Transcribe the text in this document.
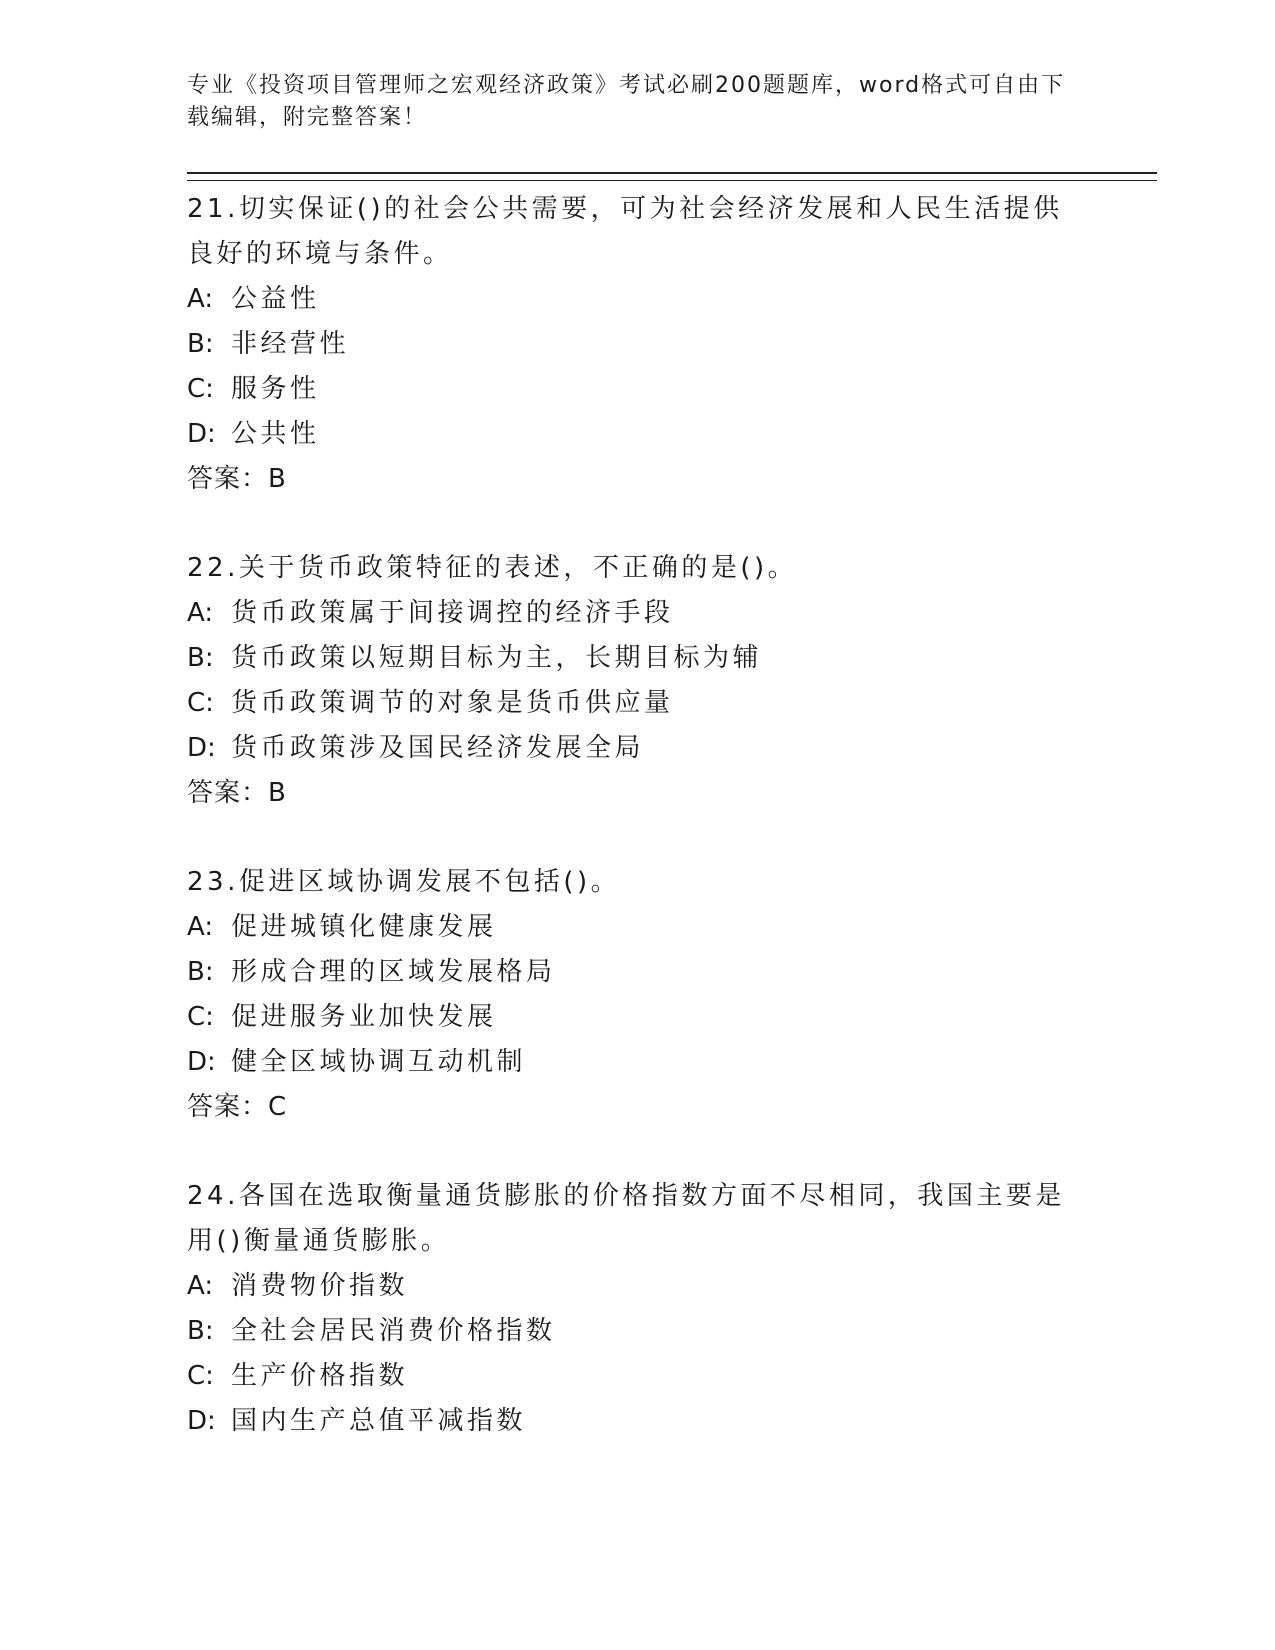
专业《投资项目管理师之宏观经济政策》考试必刷200题题库，word格式可自由下载编辑，附完整答案！

21.切实保证()的社会公共需要，可为社会经济发展和人民生活提供良好的环境与条件。

A: 公益性

B: 非经营性

C: 服务性

D: 公共性

答案：B

22.关于货币政策特征的表述，不正确的是()。

A: 货币政策属于间接调控的经济手段

B: 货币政策以短期目标为主，长期目标为辅

C: 货币政策调节的对象是货币供应量

D: 货币政策涉及国民经济发展全局

答案：B

23.促进区域协调发展不包括()。

A: 促进城镇化健康发展

B: 形成合理的区域发展格局

C: 促进服务业加快发展

D: 健全区域协调互动机制

答案：C

24.各国在选取衡量通货膨胀的价格指数方面不尽相同，我国主要是用()衡量通货膨胀。

A: 消费物价指数

B: 全社会居民消费价格指数

C: 生产价格指数

D: 国内生产总值平减指数
